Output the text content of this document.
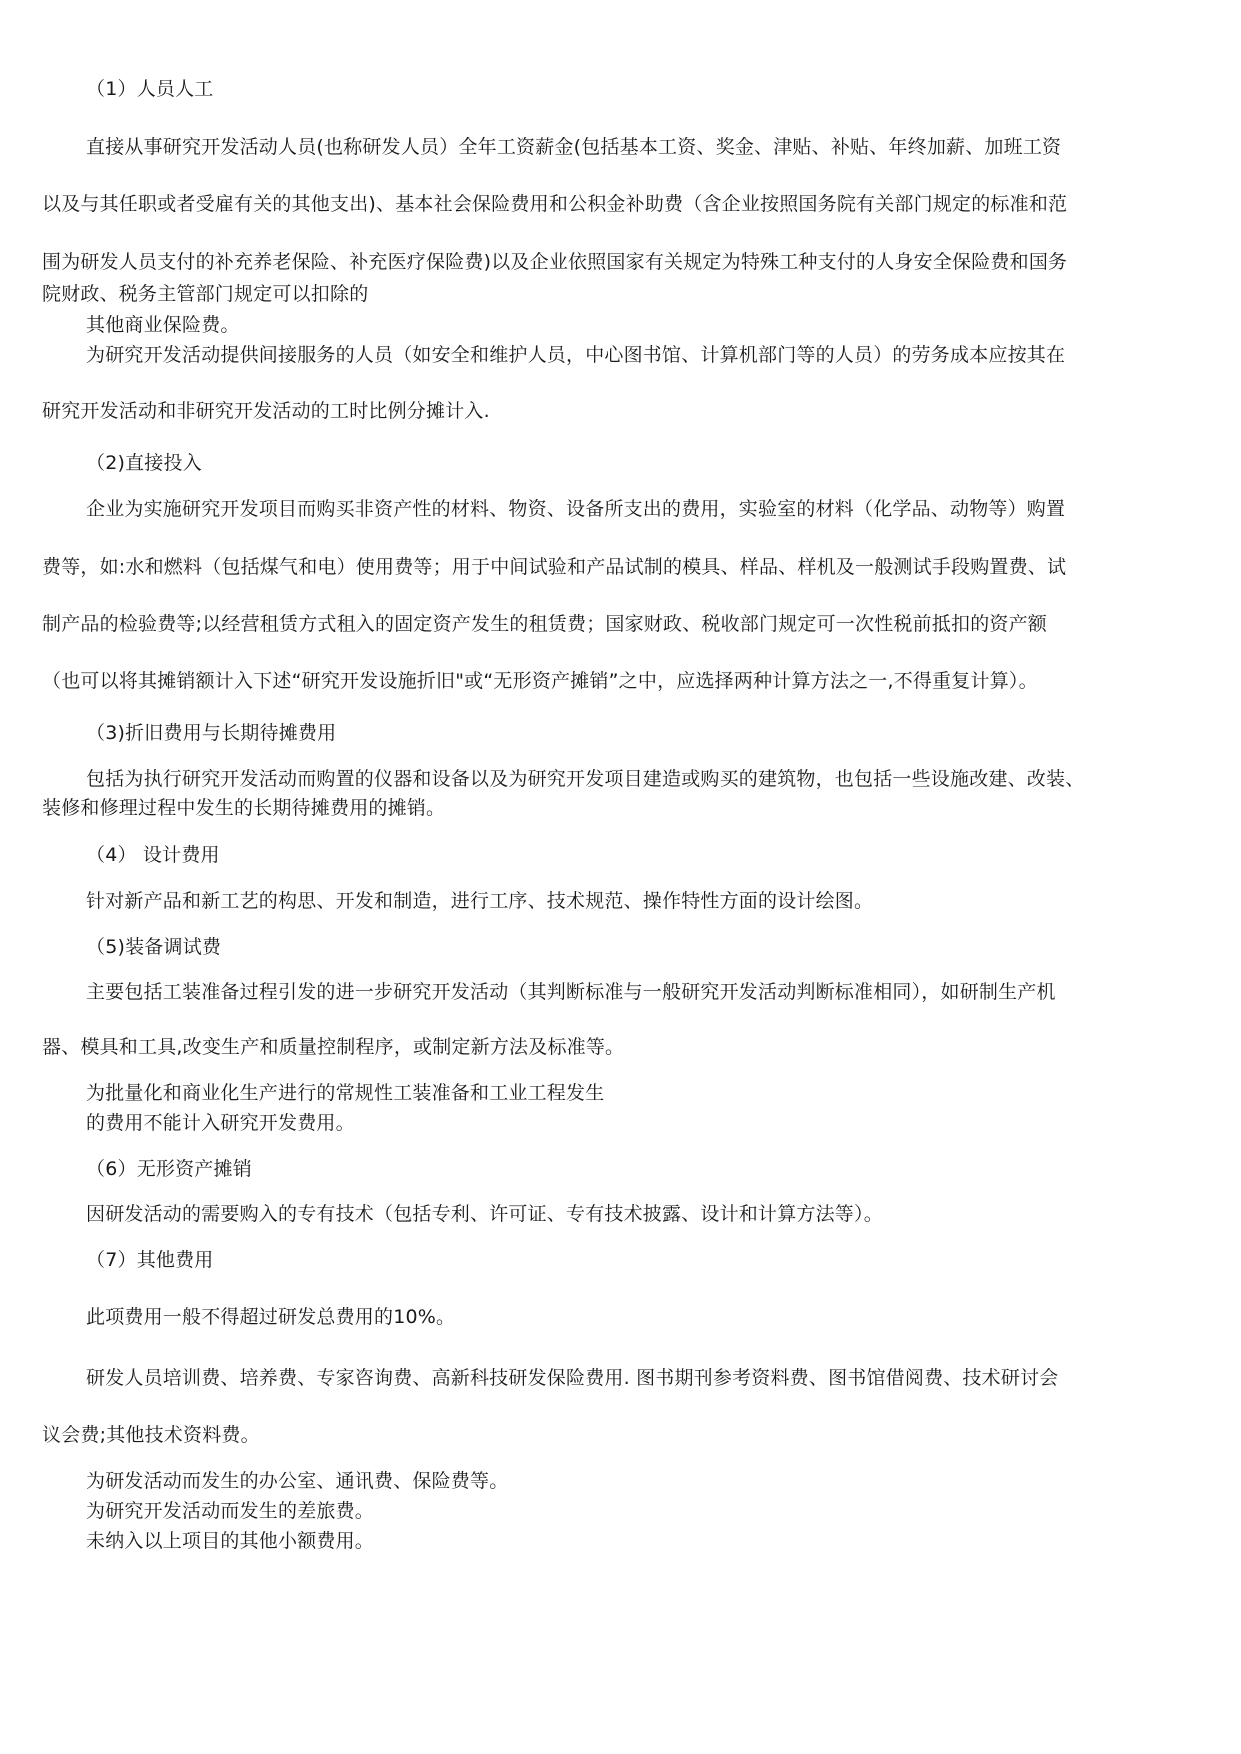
（1）人员人工
直接从事研究开发活动人员(也称研发人员）全年工资薪金(包括基本工资、奖金、津贴、补贴、年终加薪、加班工资
以及与其任职或者受雇有关的其他支出)、基本社会保险费用和公积金补助费（含企业按照国务院有关部门规定的标准和范
围为研发人员支付的补充养老保险、补充医疗保险费)以及企业依照国家有关规定为特殊工种支付的人身安全保险费和国务
院财政、税务主管部门规定可以扣除的
其他商业保险费。
为研究开发活动提供间接服务的人员（如安全和维护人员，中心图书馆、计算机部门等的人员）的劳务成本应按其在
研究开发活动和非研究开发活动的工时比例分摊计入.
（2)直接投入
企业为实施研究开发项目而购买非资产性的材料、物资、设备所支出的费用，实验室的材料（化学品、动物等）购置
费等，如:水和燃料（包括煤气和电）使用费等；用于中间试验和产品试制的模具、样品、样机及一般测试手段购置费、试
制产品的检验费等;以经营租赁方式租入的固定资产发生的租赁费；国家财政、税收部门规定可一次性税前抵扣的资产额
（也可以将其摊销额计入下述“研究开发设施折旧"或“无形资产摊销”之中，应选择两种计算方法之一,不得重复计算）。
（3)折旧费用与长期待摊费用
包括为执行研究开发活动而购置的仪器和设备以及为研究开发项目建造或购买的建筑物，也包括一些设施改建、改装、
装修和修理过程中发生的长期待摊费用的摊销。
（4） 设计费用
针对新产品和新工艺的构思、开发和制造，进行工序、技术规范、操作特性方面的设计绘图。
（5)装备调试费
主要包括工装准备过程引发的进一步研究开发活动（其判断标准与一般研究开发活动判断标准相同），如研制生产机
器、模具和工具,改变生产和质量控制程序，或制定新方法及标准等。
为批量化和商业化生产进行的常规性工装准备和工业工程发生
的费用不能计入研究开发费用。
（6）无形资产摊销
因研发活动的需要购入的专有技术（包括专利、许可证、专有技术披露、设计和计算方法等）。
（7）其他费用
此项费用一般不得超过研发总费用的10%。
研发人员培训费、培养费、专家咨询费、高新科技研发保险费用. 图书期刊参考资料费、图书馆借阅费、技术研讨会
议会费;其他技术资料费。
为研发活动而发生的办公室、通讯费、保险费等。
为研究开发活动而发生的差旅费。
未纳入以上项目的其他小额费用。
